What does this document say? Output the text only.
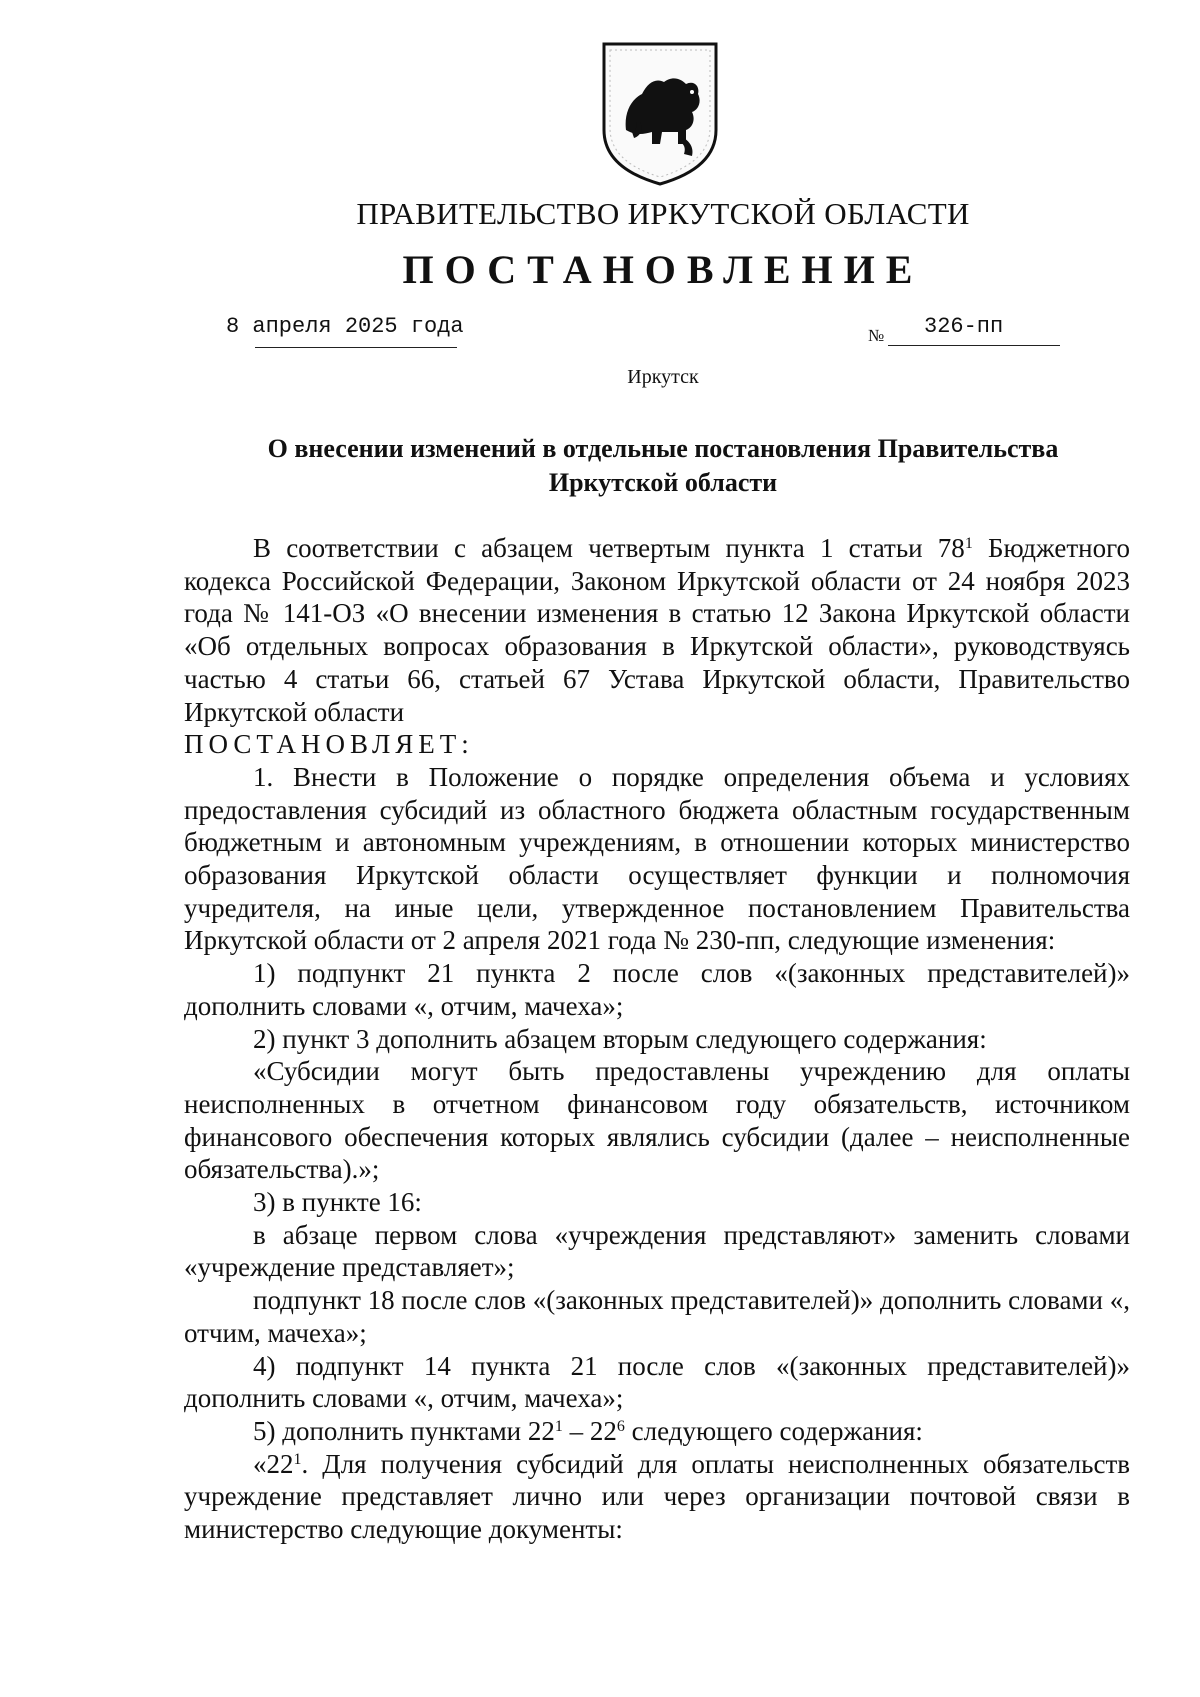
ПРАВИТЕЛЬСТВО ИРКУТСКОЙ ОБЛАСТИ
ПОСТАНОВЛЕНИЕ
8 апреля 2025 года	№ 326-пп
Иркутск
О внесении изменений в отдельные постановления Правительства
Иркутской области

В соответствии с абзацем четвертым пункта 1 статьи $78^1$ Бюджетного кодекса Российской Федерации, Законом Иркутской области от 24 ноября 2023 года № 141-ОЗ «О внесении изменения в статью 12 Закона Иркутской области «Об отдельных вопросах образования в Иркутской области», руководствуясь частью 4 статьи 66, статьей 67 Устава Иркутской области, Правительство Иркутской области

ПОСТАНОВЛЯЕТ:

1. Внести в Положение о порядке определения объема и условиях предоставления субсидий из областного бюджета областным государственным бюджетным и автономным учреждениям, в отношении которых министерство образования Иркутской области осуществляет функции и полномочия учредителя, на иные цели, утвержденное постановлением Правительства Иркутской области от 2 апреля 2021 года № 230-пп, следующие изменения:

1) подпункт 21 пункта 2 после слов «(законных представителей)» дополнить словами «, отчим, мачеха»;

2) пункт 3 дополнить абзацем вторым следующего содержания:

«Субсидии могут быть предоставлены учреждению для оплаты неисполненных в отчетном финансовом году обязательств, источником финансового обеспечения которых являлись субсидии (далее – неисполненные обязательства).»;

3) в пункте 16:

в абзаце первом слова «учреждения представляют» заменить словами «учреждение представляет»;

подпункт 18 после слов «(законных представителей)» дополнить словами «, отчим, мачеха»;

4) подпункт 14 пункта 21 после слов «(законных представителей)» дополнить словами «, отчим, мачеха»;

5) дополнить пунктами $22^1 - 22^6$ следующего содержания:

«$22^1$. Для получения субсидий для оплаты неисполненных обязательств учреждение представляет лично или через организации почтовой связи в министерство следующие документы:
